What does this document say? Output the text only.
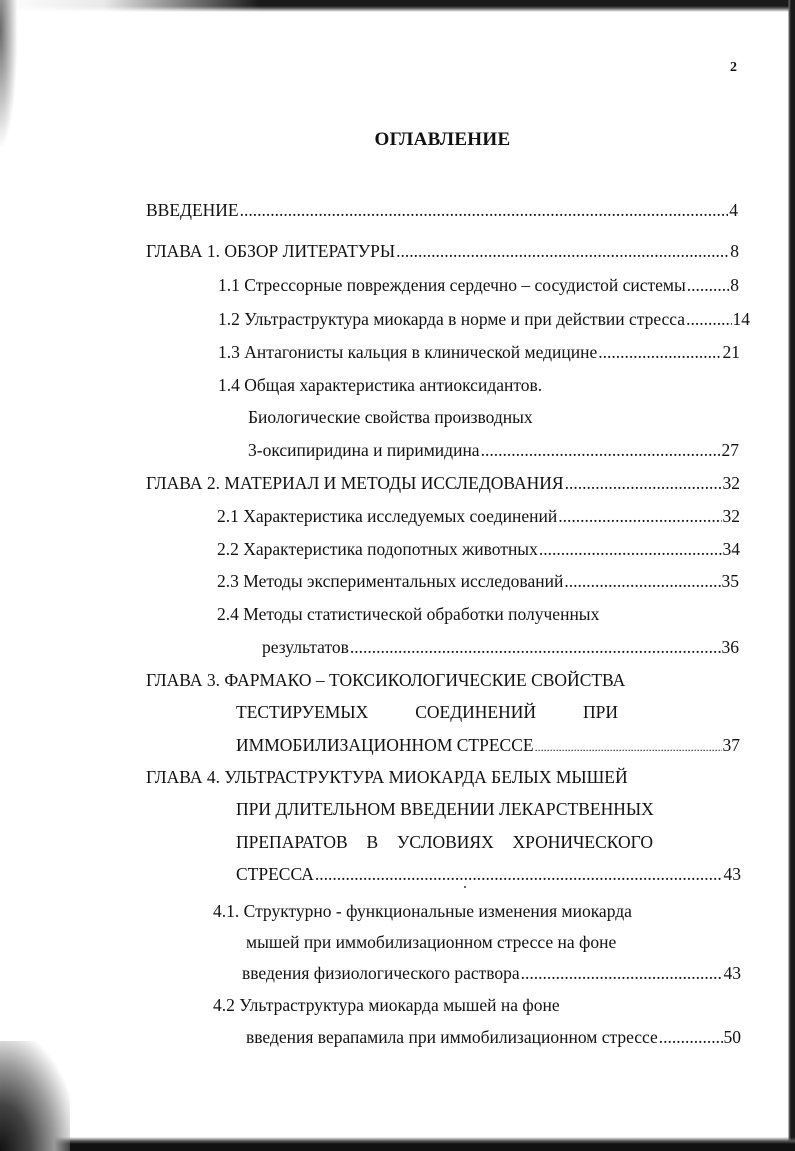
2
ОГЛАВЛЕНИЕ
ВВЕДЕНИЕ .....	4
ГЛАВА 1. ОБЗОР ЛИТЕРАТУРЫ .....	8
1.1 Стрессорные повреждения сердечно – сосудистой системы .....	8
1.2 Ультраструктура миокарда в норме и при действии стресса .....	14
1.3 Антагонисты кальция в клинической медицине .....	21
1.4 Общая характеристика антиоксидантов.
Биологические свойства производных
3-оксипиридина и пиримидина .....	27
ГЛАВА 2. МАТЕРИАЛ И МЕТОДЫ ИССЛЕДОВАНИЯ .....	32
2.1 Характеристика исследуемых соединений .....	32
2.2 Характеристика подопотных животных .....	34
2.3 Методы экспериментальных исследований .....	35
2.4 Методы статистической обработки полученных
результатов .....	36
ГЛАВА 3. ФАРМАКО – ТОКСИКОЛОГИЧЕСКИЕ СВОЙСТВА
ТЕСТИРУЕМЫХ	СОЕДИНЕНИЙ	ПРИ
ИММОБИЛИЗАЦИОННОМ СТРЕССЕ .....	37
ГЛАВА 4. УЛЬТРАСТРУКТУРА МИОКАРДА БЕЛЫХ МЫШЕЙ
ПРИ ДЛИТЕЛЬНОМ ВВЕДЕНИИ ЛЕКАРСТВЕННЫХ
ПРЕПАРАТОВ В УСЛОВИЯХ ХРОНИЧЕСКОГО
СТРЕССА .....	43
4.1. Структурно - функциональные изменения миокарда
мышей при иммобилизационном стрессе на фоне
введения физиологического раствора .....	43
4.2 Ультраструктура миокарда мышей на фоне
введения верапамила при иммобилизационном стрессе .....	50
